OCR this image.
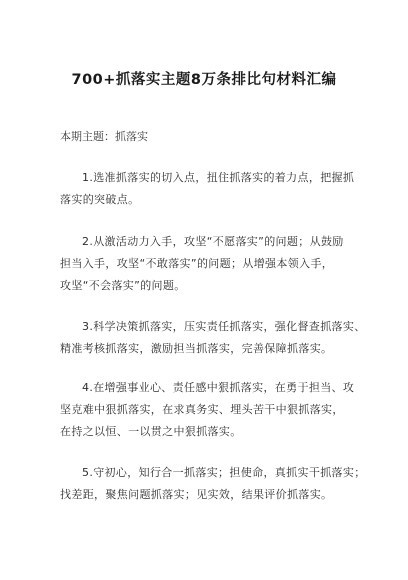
700+抓落实主题8万条排比句材料汇编
本期主题：抓落实
1.选准抓落实的切入点，扭住抓落实的着力点，把握抓
落实的突破点。
2.从激活动力入手，攻坚“不愿落实”的问题；从鼓励
担当入手，攻坚“不敢落实”的问题；从增强本领入手，
攻坚“不会落实”的问题。
3.科学决策抓落实，压实责任抓落实，强化督查抓落实、
精准考核抓落实，激励担当抓落实，完善保障抓落实。
4.在增强事业心、责任感中狠抓落实，在勇于担当、攻
坚克难中狠抓落实，在求真务实、埋头苦干中狠抓落实，
在持之以恒、一以贯之中狠抓落实。
5.守初心，知行合一抓落实；担使命，真抓实干抓落实；
找差距，聚焦问题抓落实；见实效，结果评价抓落实。
